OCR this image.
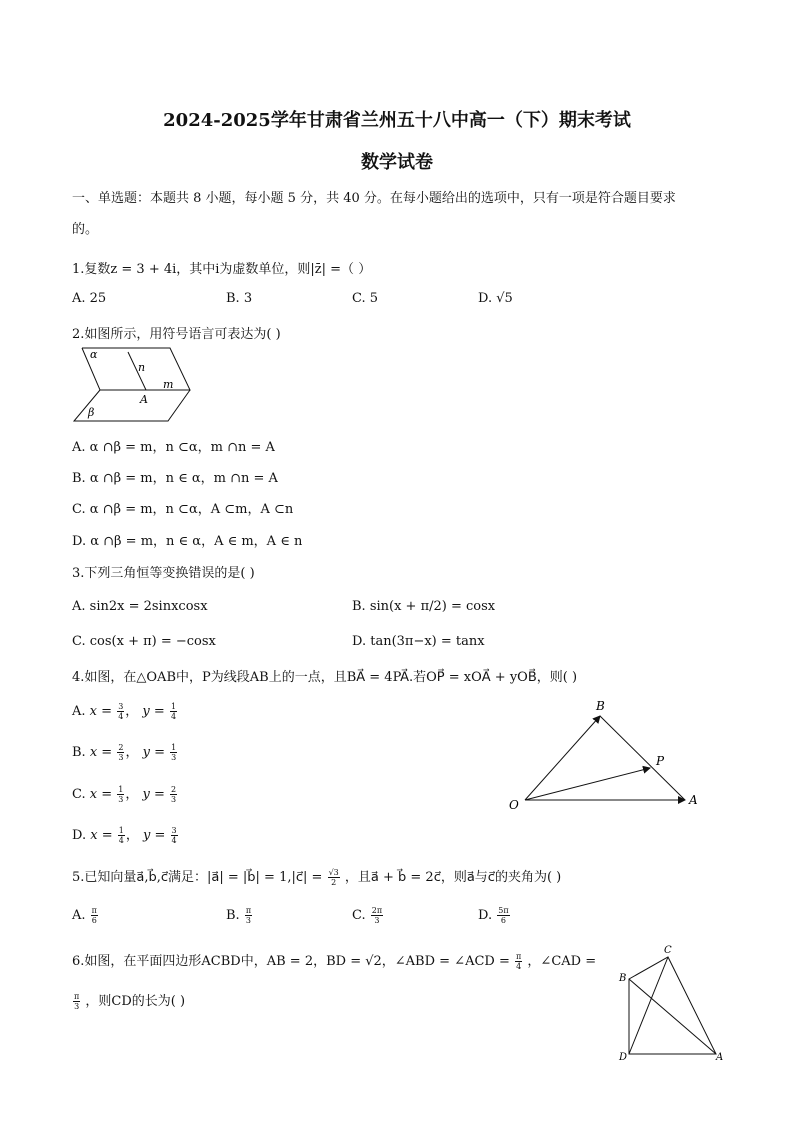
2024-2025学年甘肃省兰州五十八中高一（下）期末考试
数学试卷
一、单选题：本题共 8 小题，每小题 5 分，共 40 分。在每小题给出的选项中，只有一项是符合题目要求
的。
1.复数z = 3 + 4i，其中i为虚数单位，则|z̄| =（ ）
A. 25	B. 3	C. 5	D. √5
2.如图所示，用符号语言可表达为( )
α
n
m
A
β
A. α ∩β = m，n ⊂α，m ∩n = A
B. α ∩β = m，n ∈ α，m ∩n = A
C. α ∩β = m，n ⊂α，A ⊂m，A ⊂n
D. α ∩β = m，n ∈ α，A ∈ m，A ∈ n
3.下列三角恒等变换错误的是( )
A. sin2x = 2sinxcosx	B. sin(x + π/2) = cosx
C. cos(x + π) = −cosx	D. tan(3π−x) = tanx
4.如图，在△OAB中，P为线段AB上的一点，且BA⃗ = 4PA⃗.若OP⃗ = xOA⃗ + yOB⃗，则( )
A. $x = \frac{3}{4}$ ， $y = \frac{1}{4}$
B. $x = \frac{2}{3}$ ， $y = \frac{1}{3}$
C. $x = \frac{1}{3}$ ， $y = \frac{2}{3}$
D. $x = \frac{1}{4}$ ， $y = \frac{3}{4}$
B
P
O	A
5.已知向量a⃗,b⃗,c⃗满足：|a⃗| = |b⃗| = 1,|c⃗| = $\frac{√3}{2}$ ，且a⃗ + b⃗ = 2c⃗，则a⃗与c⃗的夹角为( )
A. $\frac{\pi}{6}$	B. $\frac{\pi}{3}$	C. $\frac{2\pi}{3}$	D. $\frac{5\pi}{6}$
6.如图，在平面四边形ACBD中，AB = 2，BD = √2，∠ABD = ∠ACD = $\frac{\pi}{4}$ ，∠CAD =
$\frac{\pi}{3}$ ，则CD的长为( )
C
B
D	A
